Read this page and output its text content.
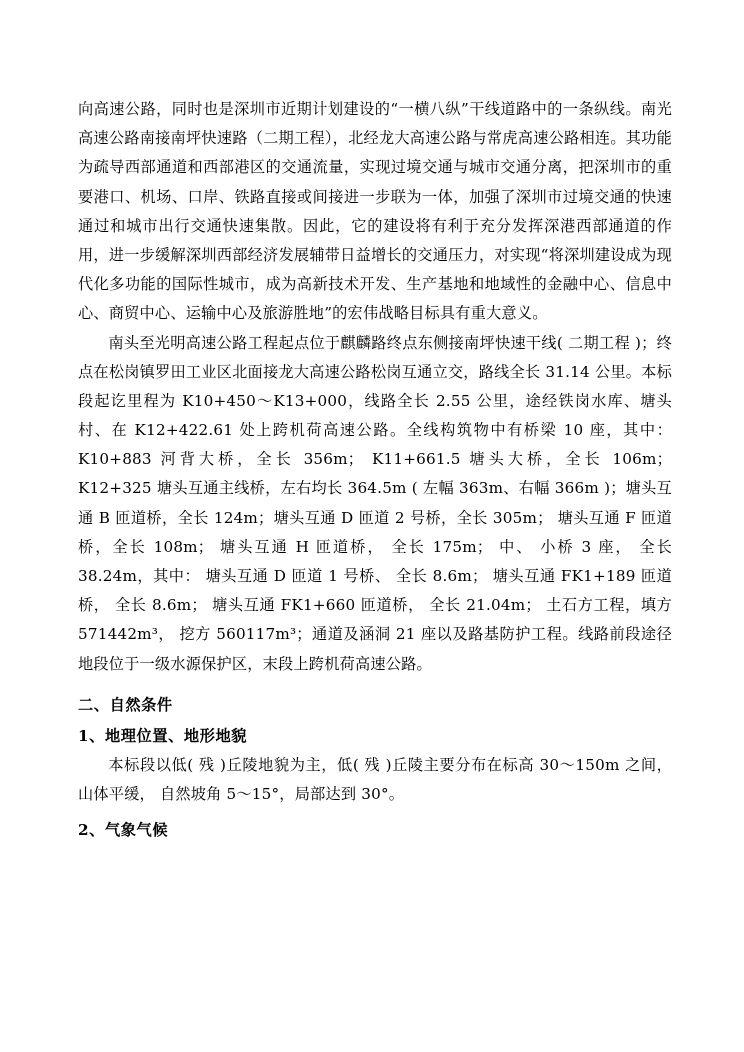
向高速公路，同时也是深圳市近期计划建设的“一横八纵”干线道路中的一条纵线。南光高速公路南接南坪快速路（二期工程），北经龙大高速公路与常虎高速公路相连。其功能为疏导西部通道和西部港区的交通流量，实现过境交通与城市交通分离，把深圳市的重要港口、机场、口岸、铁路直接或间接进一步联为一体，加强了深圳市过境交通的快速通过和城市出行交通快速集散。因此，它的建设将有利于充分发挥深港西部通道的作用，进一步缓解深圳西部经济发展辅带日益增长的交通压力，对实现“将深圳建设成为现代化多功能的国际性城市，成为高新技术开发、生产基地和地域性的金融中心、信息中心、商贸中心、运输中心及旅游胜地”的宏伟战略目标具有重大意义。

南头至光明高速公路工程起点位于麒麟路终点东侧接南坪快速干线( 二期工程 )；终点在松岗镇罗田工业区北面接龙大高速公路松岗互通立交，路线全长 31.14 公里。本标段起讫里程为 K10+450～K13+000，线路全长 2.55 公里，途经铁岗水库、塘头村、在 K12+422.61 处上跨机荷高速公路。全线构筑物中有桥梁 10 座，其中：K10+883 河背大桥，全长 356m； K11+661.5 塘头大桥，全长 106m； K12+325 塘头互通主线桥，左右均长 364.5m ( 左幅 363m、右幅 366m )；塘头互通 B 匝道桥，全长 124m；塘头互通 D 匝道 2 号桥，全长 305m； 塘头互通 F 匝道桥，全长 108m； 塘头互通 H 匝道桥， 全长 175m； 中、 小桥 3 座， 全长 38.24m，其中： 塘头互通 D 匝道 1 号桥、 全长 8.6m； 塘头互通 FK1+189 匝道桥， 全长 8.6m； 塘头互通 FK1+660 匝道桥， 全长 21.04m； 土石方工程，填方 571442m³， 挖方 560117m³；通道及涵洞 21 座以及路基防护工程。线路前段途径地段位于一级水源保护区，末段上跨机荷高速公路。

二、自然条件

1、地理位置、地形地貌

本标段以低( 残 )丘陵地貌为主，低( 残 )丘陵主要分布在标高 30～150m 之间，山体平缓， 自然坡角 5～15°，局部达到 30°。

2、气象气候
